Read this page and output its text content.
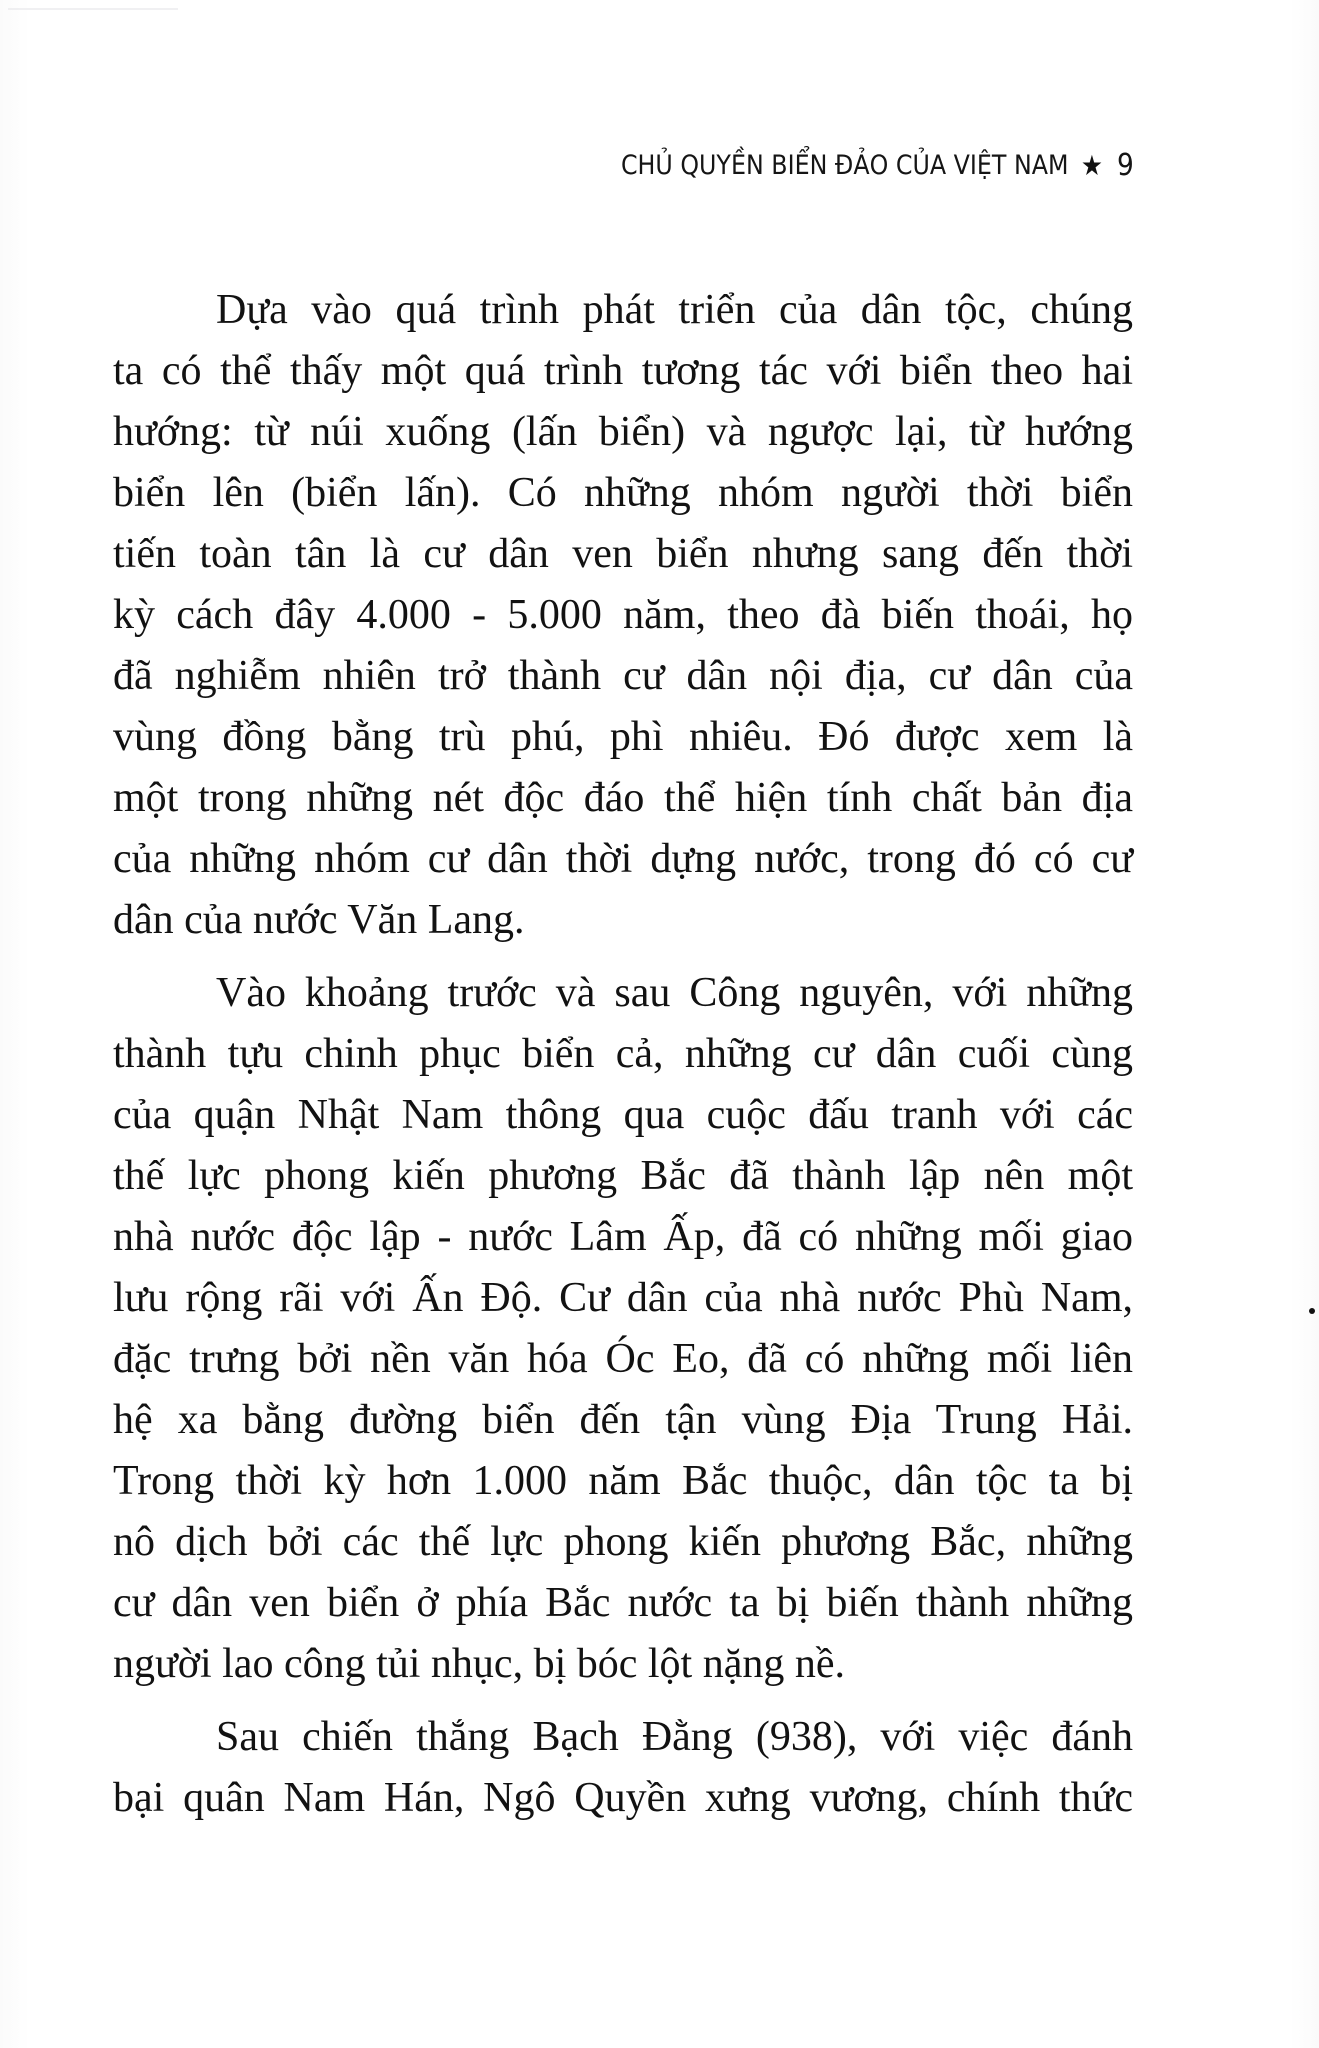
CHỦ QUYỀN BIỂN ĐẢO CỦA VIỆT NAM ★ 9
Dựa vào quá trình phát triển của dân tộc, chúng
ta có thể thấy một quá trình tương tác với biển theo hai
hướng: từ núi xuống (lấn biển) và ngược lại, từ hướng
biển lên (biển lấn). Có những nhóm người thời biển
tiến toàn tân là cư dân ven biển nhưng sang đến thời
kỳ cách đây 4.000 - 5.000 năm, theo đà biến thoái, họ
đã nghiễm nhiên trở thành cư dân nội địa, cư dân của
vùng đồng bằng trù phú, phì nhiêu. Đó được xem là
một trong những nét độc đáo thể hiện tính chất bản địa
của những nhóm cư dân thời dựng nước, trong đó có cư
dân của nước Văn Lang.
Vào khoảng trước và sau Công nguyên, với những
thành tựu chinh phục biển cả, những cư dân cuối cùng
của quận Nhật Nam thông qua cuộc đấu tranh với các
thế lực phong kiến phương Bắc đã thành lập nên một
nhà nước độc lập - nước Lâm Ấp, đã có những mối giao
lưu rộng rãi với Ấn Độ. Cư dân của nhà nước Phù Nam,
đặc trưng bởi nền văn hóa Óc Eo, đã có những mối liên
hệ xa bằng đường biển đến tận vùng Địa Trung Hải.
Trong thời kỳ hơn 1.000 năm Bắc thuộc, dân tộc ta bị
nô dịch bởi các thế lực phong kiến phương Bắc, những
cư dân ven biển ở phía Bắc nước ta bị biến thành những
người lao công tủi nhục, bị bóc lột nặng nề.
Sau chiến thắng Bạch Đằng (938), với việc đánh
bại quân Nam Hán, Ngô Quyền xưng vương, chính thức
